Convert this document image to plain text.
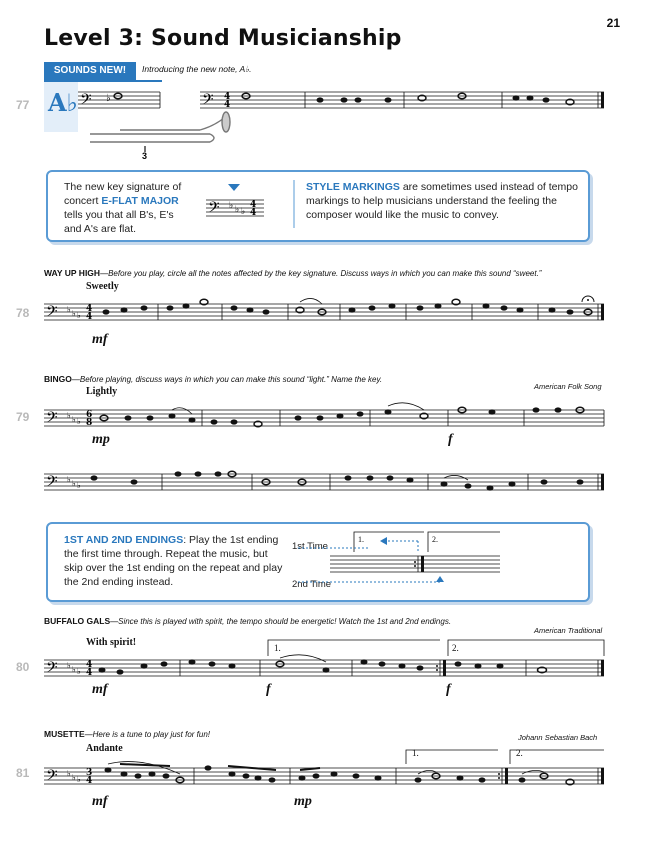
21
Level 3: Sound Musicianship
SOUNDS NEW!	Introducing the new note, A♭.
A♭
77
The new key signature of concert E-FLAT MAJOR tells you that all B's, E's and A's are flat.
STYLE MARKINGS are sometimes used instead of tempo markings to help musicians understand the feeling the composer would like the music to convey.
WAY UP HIGH—Before you play, circle all the notes affected by the key signature. Discuss ways in which you can make this sound “sweet.”
Sweetly
78
mf
BINGO—Before playing, discuss ways in which you can make this sound “light.” Name the key.
American Folk Song
Lightly
79
mp	f
1ST AND 2ND ENDINGS: Play the 1st ending the first time through. Repeat the music, but skip over the 1st ending on the repeat and play the 2nd ending instead.
1st Time
2nd Time
1.	2.
BUFFALO GALS—Since this is played with spirit, the tempo should be energetic! Watch the 1st and 2nd endings.
American Traditional
With spirit!
80
mf	f	f
1.	2.
MUSETTE—Here is a tune to play just for fun!	Johann Sebastian Bach
Andante
81
mf	mp
1.	2.
𝄢 ♭	𝄢 4
4
3
𝄢 ♭ ♭ ♭
4
4
𝄢 ♭ ♭ ♭
4
4
𝄢 ♭ ♭ ♭
6
8
𝄢 ♭ ♭ ♭
𝄢 ♭ ♭ ♭
4
4
𝄢 ♭ ♭ ♭
3
4
